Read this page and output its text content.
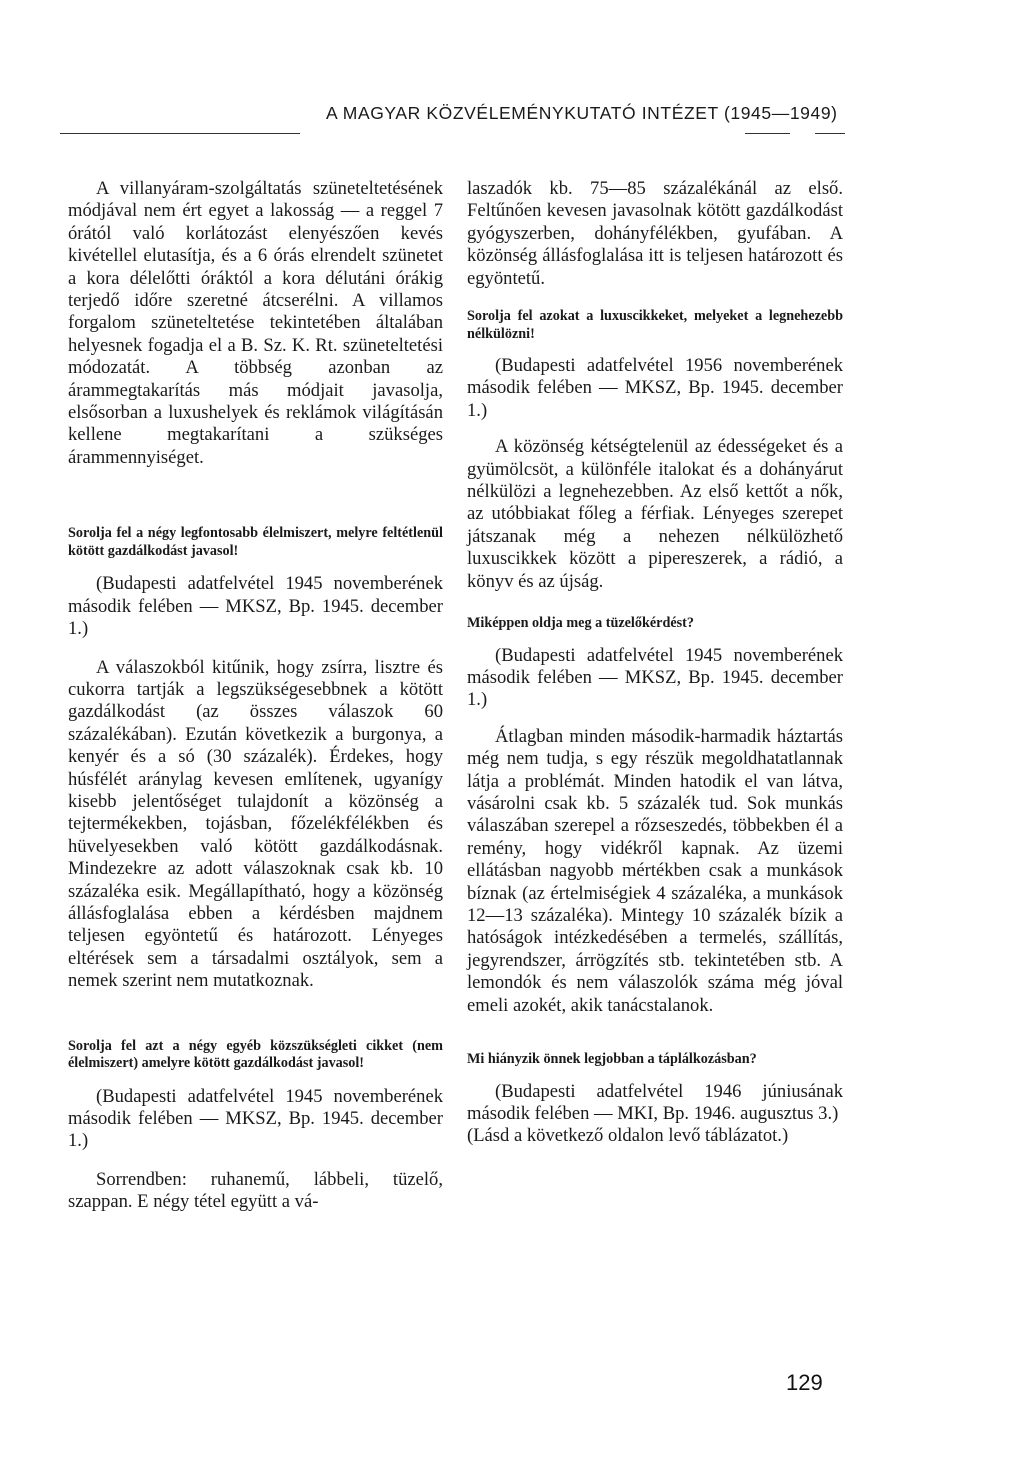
A MAGYAR KÖZVÉLEMÉNYKUTATÓ INTÉZET (1945—1949)

A villanyáram-szolgáltatás szüneteltetésének módjával nem ért egyet a lakosság — a reggel 7 órától való korlátozást elenyészően kevés kivétellel elutasítja, és a 6 órás elrendelt szünetet a kora délelőtti óráktól a kora délutáni órákig terjedő időre szeretné átcserélni. A villamos forgalom szüneteltetése tekintetében általában helyesnek fogadja el a B. Sz. K. Rt. szüneteltetési módozatát. A többség azonban az árammegtakarítás más módjait javasolja, elsősorban a luxushelyek és reklámok világításán kellene megtakarítani a szükséges árammennyiséget.

Sorolja fel a négy legfontosabb élelmiszert, melyre feltétlenül kötött gazdálkodást javasol!

(Budapesti adatfelvétel 1945 novemberének második felében — MKSZ, Bp. 1945. december 1.)

A válaszokból kitűnik, hogy zsírra, lisztre és cukorra tartják a legszükségesebbnek a kötött gazdálkodást (az összes válaszok 60 százalékában). Ezután következik a burgonya, a kenyér és a só (30 százalék). Érdekes, hogy húsfélét aránylag kevesen említenek, ugyanígy kisebb jelentőséget tulajdonít a közönség a tejtermékekben, tojásban, főzelékfélékben és hüvelyesekben való kötött gazdálkodásnak. Mindezekre az adott válaszoknak csak kb. 10 százaléka esik. Megállapítható, hogy a közönség állásfoglalása ebben a kérdésben majdnem teljesen egyöntetű és határozott. Lényeges eltérések sem a társadalmi osztályok, sem a nemek szerint nem mutatkoznak.

Sorolja fel azt a négy egyéb közszükségleti cikket (nem élelmiszert) amelyre kötött gazdálkodást javasol!

(Budapesti adatfelvétel 1945 novemberének második felében — MKSZ, Bp. 1945. december 1.)

Sorrendben: ruhanemű, lábbeli, tüzelő, szappan. E négy tétel együtt a vá-

laszadók kb. 75—85 százalékánál az első. Feltűnően kevesen javasolnak kötött gazdálkodást gyógyszerben, dohányfélékben, gyufában. A közönség állásfoglalása itt is teljesen határozott és egyöntetű.

Sorolja fel azokat a luxuscikkeket, melyeket a legnehezebb nélkülözni!

(Budapesti adatfelvétel 1956 novemberének második felében — MKSZ, Bp. 1945. december 1.)

A közönség kétségtelenül az édességeket és a gyümölcsöt, a különféle italokat és a dohányárut nélkülözi a legnehezebben. Az első kettőt a nők, az utóbbiakat főleg a férfiak. Lényeges szerepet játszanak még a nehezen nélkülözhető luxuscikkek között a pipereszerek, a rádió, a könyv és az újság.

Miképpen oldja meg a tüzelőkérdést?

(Budapesti adatfelvétel 1945 novemberének második felében — MKSZ, Bp. 1945. december 1.)

Átlagban minden második-harmadik háztartás még nem tudja, s egy részük megoldhatatlannak látja a problémát. Minden hatodik el van látva, vásárolni csak kb. 5 százalék tud. Sok munkás válaszában szerepel a rőzseszedés, többekben él a remény, hogy vidékről kapnak. Az üzemi ellátásban nagyobb mértékben csak a munkások bíznak (az értelmiségiek 4 százaléka, a munkások 12—13 százaléka). Mintegy 10 százalék bízik a hatóságok intézkedésében a termelés, szállítás, jegyrendszer, árrögzítés stb. tekintetében stb. A lemondók és nem válaszolók száma még jóval emeli azokét, akik tanácstalanok.

Mi hiányzik önnek legjobban a táplálkozásban?

(Budapesti adatfelvétel 1946 júniusának második felében — MKI, Bp. 1946. augusztus 3.)

(Lásd a következő oldalon levő táblázatot.)

129
